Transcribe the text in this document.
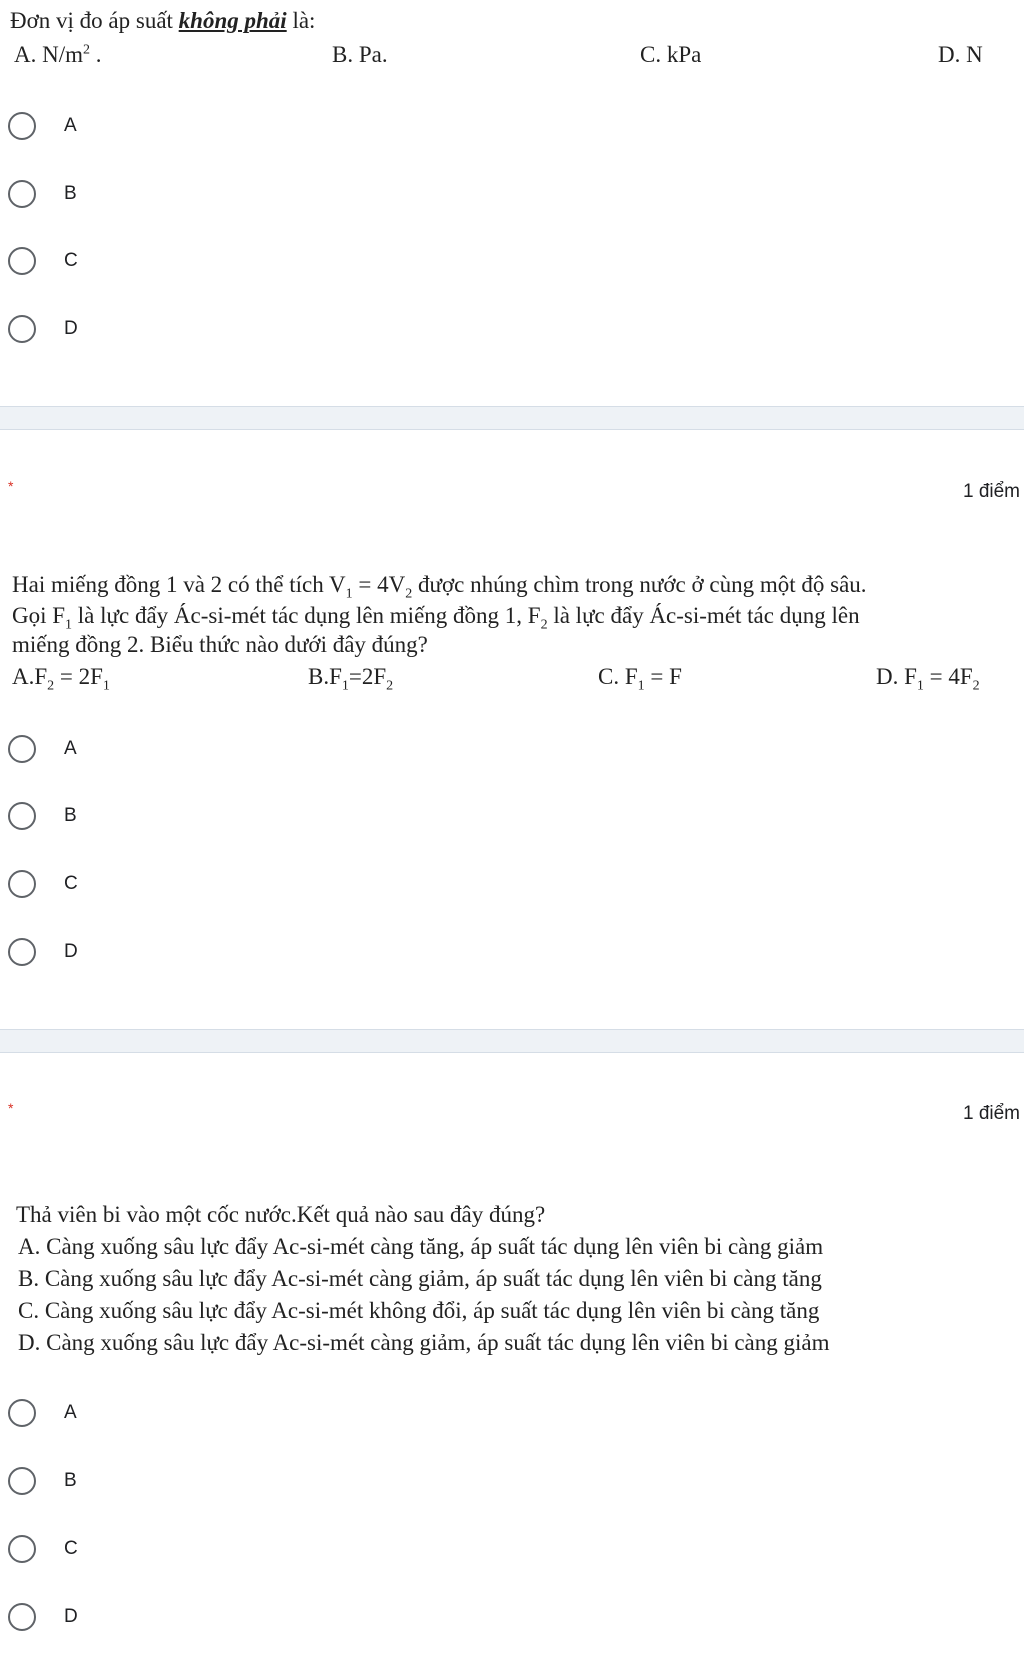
Đơn vị đo áp suất không phải là:
A. $N/m^2$ .	B. Pa.	C. kPa	D. N
A
B
C
D
*	1 điểm
Hai miếng đồng 1 và 2 có thể tích $V_1 = 4V_2$ được nhúng chìm trong nước ở cùng một độ sâu.
Gọi $F_1$ là lực đẩy Ác-si-mét tác dụng lên miếng đồng 1, $F_2$ là lực đẩy Ác-si-mét tác dụng lên
miếng đồng 2. Biểu thức nào dưới đây đúng?
$A.F_2 = 2F_1$	$B.F_1=2F_2$	C. $F_1 = F$	D. $F_1 = 4F_2$
A
B
C
D
*	1 điểm
Thả viên bi vào một cốc nước.Kết quả nào sau đây đúng?
A. Càng xuống sâu lực đẩy Ac-si-mét càng tăng, áp suất tác dụng lên viên bi càng giảm
B. Càng xuống sâu lực đẩy Ac-si-mét càng giảm, áp suất tác dụng lên viên bi càng tăng
C. Càng xuống sâu lực đẩy Ac-si-mét không đổi, áp suất tác dụng lên viên bi càng tăng
D. Càng xuống sâu lực đẩy Ac-si-mét càng giảm, áp suất tác dụng lên viên bi càng giảm
A
B
C
D
